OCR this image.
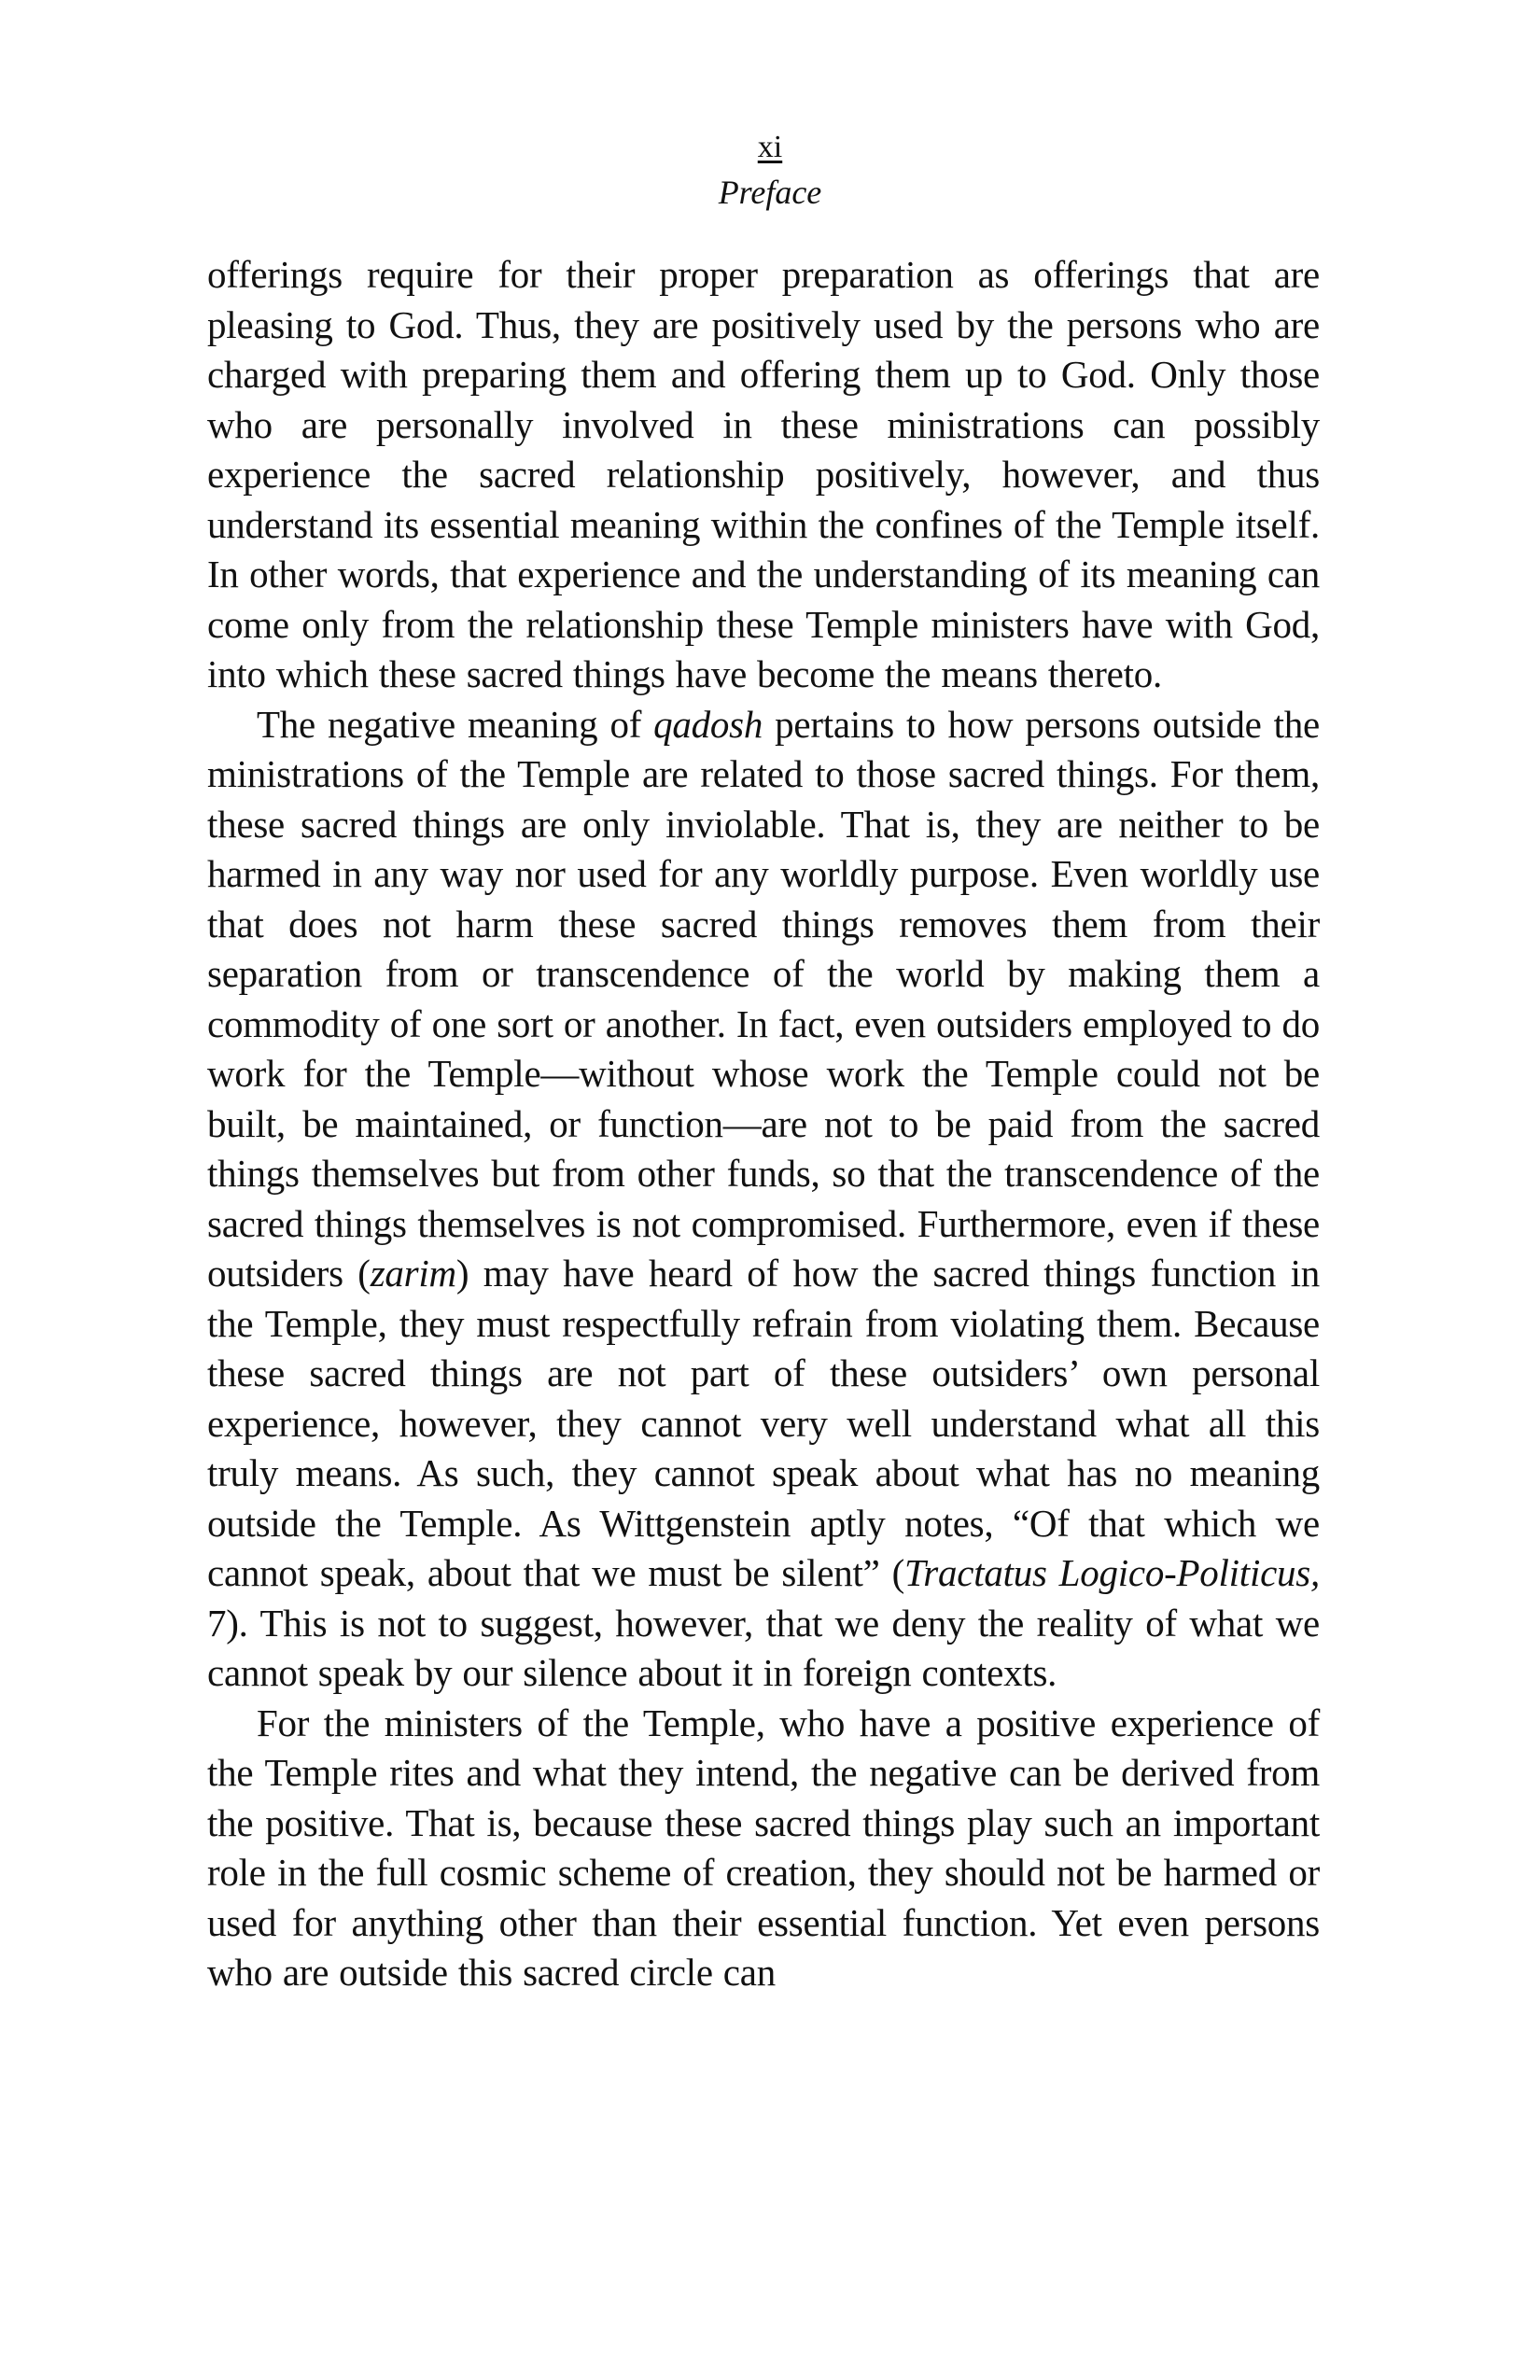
xi
Preface

offerings require for their proper preparation as offerings that are pleasing to God. Thus, they are positively used by the persons who are charged with preparing them and offering them up to God. Only those who are personally involved in these ministrations can possibly experience the sacred relationship positively, however, and thus understand its essential meaning within the confines of the Temple itself. In other words, that experience and the understanding of its meaning can come only from the relationship these Temple ministers have with God, into which these sacred things have become the means thereto.

The negative meaning of qadosh pertains to how persons outside the ministrations of the Temple are related to those sacred things. For them, these sacred things are only inviolable. That is, they are neither to be harmed in any way nor used for any worldly purpose. Even worldly use that does not harm these sacred things removes them from their separation from or transcendence of the world by making them a commodity of one sort or another. In fact, even outsiders employed to do work for the Temple—without whose work the Temple could not be built, be maintained, or function—are not to be paid from the sacred things themselves but from other funds, so that the transcendence of the sacred things themselves is not compromised. Furthermore, even if these outsiders (zarim) may have heard of how the sacred things function in the Temple, they must respectfully refrain from violating them. Because these sacred things are not part of these outsiders’ own personal experience, however, they cannot very well understand what all this truly means. As such, they cannot speak about what has no meaning outside the Temple. As Wittgenstein aptly notes, “Of that which we cannot speak, about that we must be silent” (Tractatus Logico-Politicus, 7). This is not to suggest, however, that we deny the reality of what we cannot speak by our silence about it in foreign contexts.

For the ministers of the Temple, who have a positive experience of the Temple rites and what they intend, the negative can be derived from the positive. That is, because these sacred things play such an important role in the full cosmic scheme of creation, they should not be harmed or used for anything other than their essential function. Yet even persons who are outside this sacred circle can
